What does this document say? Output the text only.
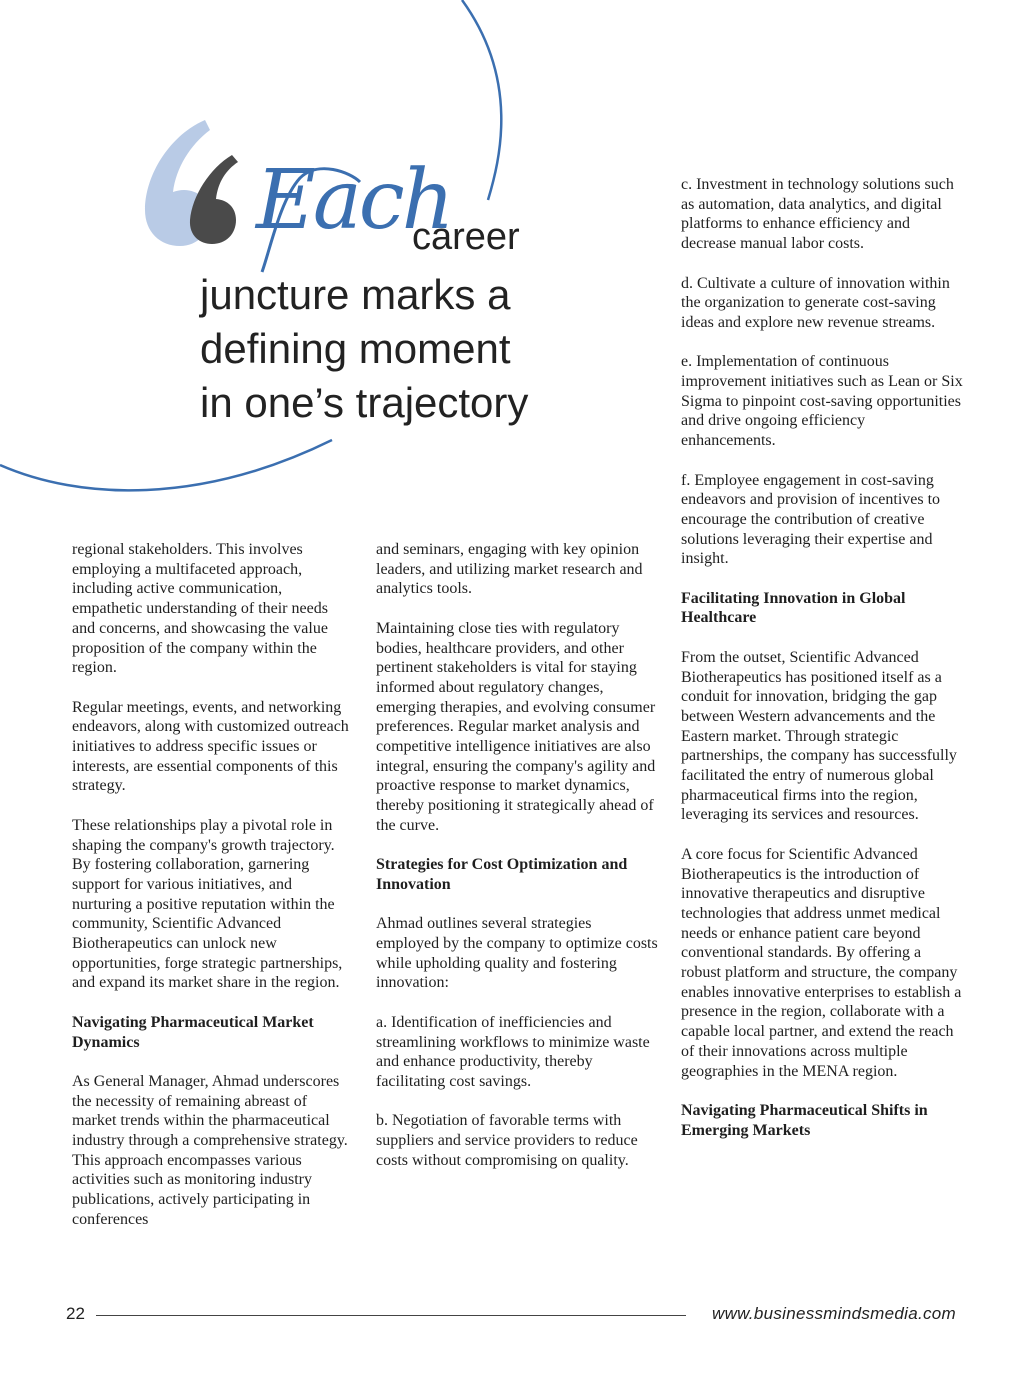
Each
career
juncture marks a
defining moment
in one’s trajectory

regional stakeholders. This involves employing a multifaceted approach, including active communication, empathetic understanding of their needs and concerns, and showcasing the value proposition of the company within the region.

Regular meetings, events, and networking endeavors, along with customized outreach initiatives to address specific issues or interests, are essential components of this strategy.

These relationships play a pivotal role in shaping the company's growth trajectory. By fostering collaboration, garnering support for various initiatives, and nurturing a positive reputation within the community, Scientific Advanced Biotherapeutics can unlock new opportunities, forge strategic partnerships, and expand its market share in the region.

Navigating Pharmaceutical Market Dynamics

As General Manager, Ahmad underscores the necessity of remaining abreast of market trends within the pharmaceutical industry through a comprehensive strategy. This approach encompasses various activities such as monitoring industry publications, actively participating in conferences

and seminars, engaging with key opinion leaders, and utilizing market research and analytics tools.

Maintaining close ties with regulatory bodies, healthcare providers, and other pertinent stakeholders is vital for staying informed about regulatory changes, emerging therapies, and evolving consumer preferences. Regular market analysis and competitive intelligence initiatives are also integral, ensuring the company's agility and proactive response to market dynamics, thereby positioning it strategically ahead of the curve.

Strategies for Cost Optimization and Innovation

Ahmad outlines several strategies employed by the company to optimize costs while upholding quality and fostering innovation:

a. Identification of inefficiencies and streamlining workflows to minimize waste and enhance productivity, thereby facilitating cost savings.

b. Negotiation of favorable terms with suppliers and service providers to reduce costs without compromising on quality.

c. Investment in technology solutions such as automation, data analytics, and digital platforms to enhance efficiency and decrease manual labor costs.

d. Cultivate a culture of innovation within the organization to generate cost-saving ideas and explore new revenue streams.

e. Implementation of continuous improvement initiatives such as Lean or Six Sigma to pinpoint cost-saving opportunities and drive ongoing efficiency enhancements.

f. Employee engagement in cost-saving endeavors and provision of incentives to encourage the contribution of creative solutions leveraging their expertise and insight.

Facilitating Innovation in Global Healthcare

From the outset, Scientific Advanced Biotherapeutics has positioned itself as a conduit for innovation, bridging the gap between Western advancements and the Eastern market. Through strategic partnerships, the company has successfully facilitated the entry of numerous global pharmaceutical firms into the region, leveraging its services and resources.

A core focus for Scientific Advanced Biotherapeutics is the introduction of innovative therapeutics and disruptive technologies that address unmet medical needs or enhance patient care beyond conventional standards. By offering a robust platform and structure, the company enables innovative enterprises to establish a presence in the region, collaborate with a capable local partner, and extend the reach of their innovations across multiple geographies in the MENA region.

Navigating Pharmaceutical Shifts in Emerging Markets
22	www.businessmindsmedia.com
